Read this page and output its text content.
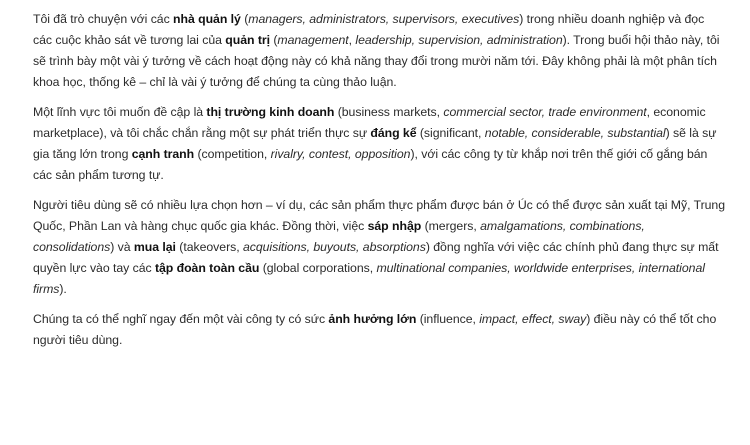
Tôi đã trò chuyện với các nhà quản lý (managers, administrators, supervisors, executives) trong nhiều doanh nghiệp và đọc các cuộc khảo sát về tương lai của quản trị (management, leadership, supervision, administration). Trong buổi hội thảo này, tôi sẽ trình bày một vài ý tưởng về cách hoạt động này có khả năng thay đổi trong mười năm tới. Đây không phải là một phân tích khoa học, thống kê – chỉ là vài ý tưởng để chúng ta cùng thảo luận.

Một lĩnh vực tôi muốn đề cập là thị trường kinh doanh (business markets, commercial sector, trade environment, economic marketplace), và tôi chắc chắn rằng một sự phát triển thực sự đáng kể (significant, notable, considerable, substantial) sẽ là sự gia tăng lớn trong cạnh tranh (competition, rivalry, contest, opposition), với các công ty từ khắp nơi trên thế giới cố gắng bán các sản phẩm tương tự.

Người tiêu dùng sẽ có nhiều lựa chọn hơn – ví dụ, các sản phẩm thực phẩm được bán ở Úc có thể được sản xuất tại Mỹ, Trung Quốc, Phần Lan và hàng chục quốc gia khác. Đồng thời, việc sáp nhập (mergers, amalgamations, combinations, consolidations) và mua lại (takeovers, acquisitions, buyouts, absorptions) đồng nghĩa với việc các chính phủ đang thực sự mất quyền lực vào tay các tập đoàn toàn cầu (global corporations, multinational companies, worldwide enterprises, international firms).

Chúng ta có thể nghĩ ngay đến một vài công ty có sức ảnh hưởng lớn (influence, impact, effect, sway) điều này có thể tốt cho người tiêu dùng.
